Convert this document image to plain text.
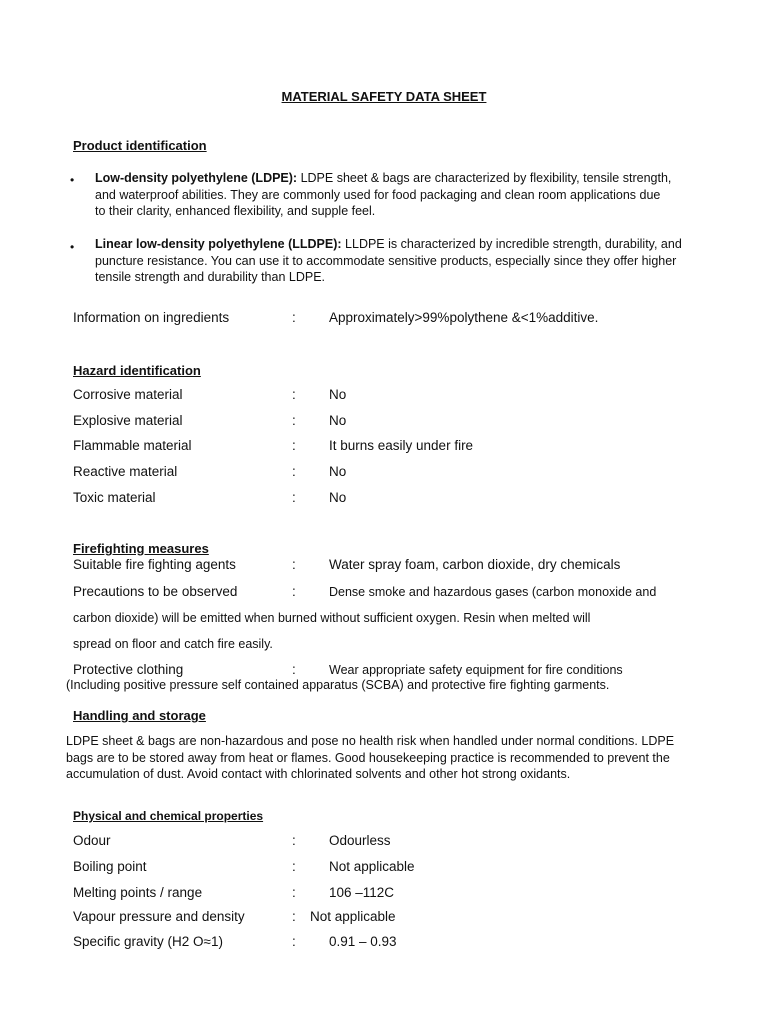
MATERIAL SAFETY DATA SHEET
Product identification
• Low-density polyethylene (LDPE): LDPE sheet & bags are characterized by flexibility, tensile strength,
and waterproof abilities. They are commonly used for food packaging and clean room applications due
to their clarity, enhanced flexibility, and supple feel.
• Linear low-density polyethylene (LLDPE): LLDPE is characterized by incredible strength, durability, and
puncture resistance. You can use it to accommodate sensitive products, especially since they offer higher
tensile strength and durability than LDPE.
Information on ingredients	: Approximately>99%polythene &<1%additive.
Hazard identification
Corrosive material	: No
Explosive material	: No
Flammable material	: It burns easily under fire
Reactive material	: No
Toxic material	: No
Firefighting measures
Suitable fire fighting agents	: Water spray foam, carbon dioxide, dry chemicals
Precautions to be observed	:	Dense smoke and hazardous gases (carbon monoxide and
carbon dioxide) will be emitted when burned without sufficient oxygen. Resin when melted will
spread on floor and catch fire easily.
Protective clothing	:	Wear appropriate safety equipment for fire conditions
(Including positive pressure self contained apparatus (SCBA) and protective fire fighting garments.
Handling and storage
LDPE sheet & bags are non-hazardous and pose no health risk when handled under normal conditions. LDPE
bags are to be stored away from heat or flames. Good housekeeping practice is recommended to prevent the
accumulation of dust. Avoid contact with chlorinated solvents and other hot strong oxidants.
Physical and chemical properties
Odour	: Odourless
Boiling point	: Not applicable
Melting points / range	: 106 –112C
Vapour pressure and density	: Not applicable
Specific gravity (H2 O≈1)	: 0.91 – 0.93
